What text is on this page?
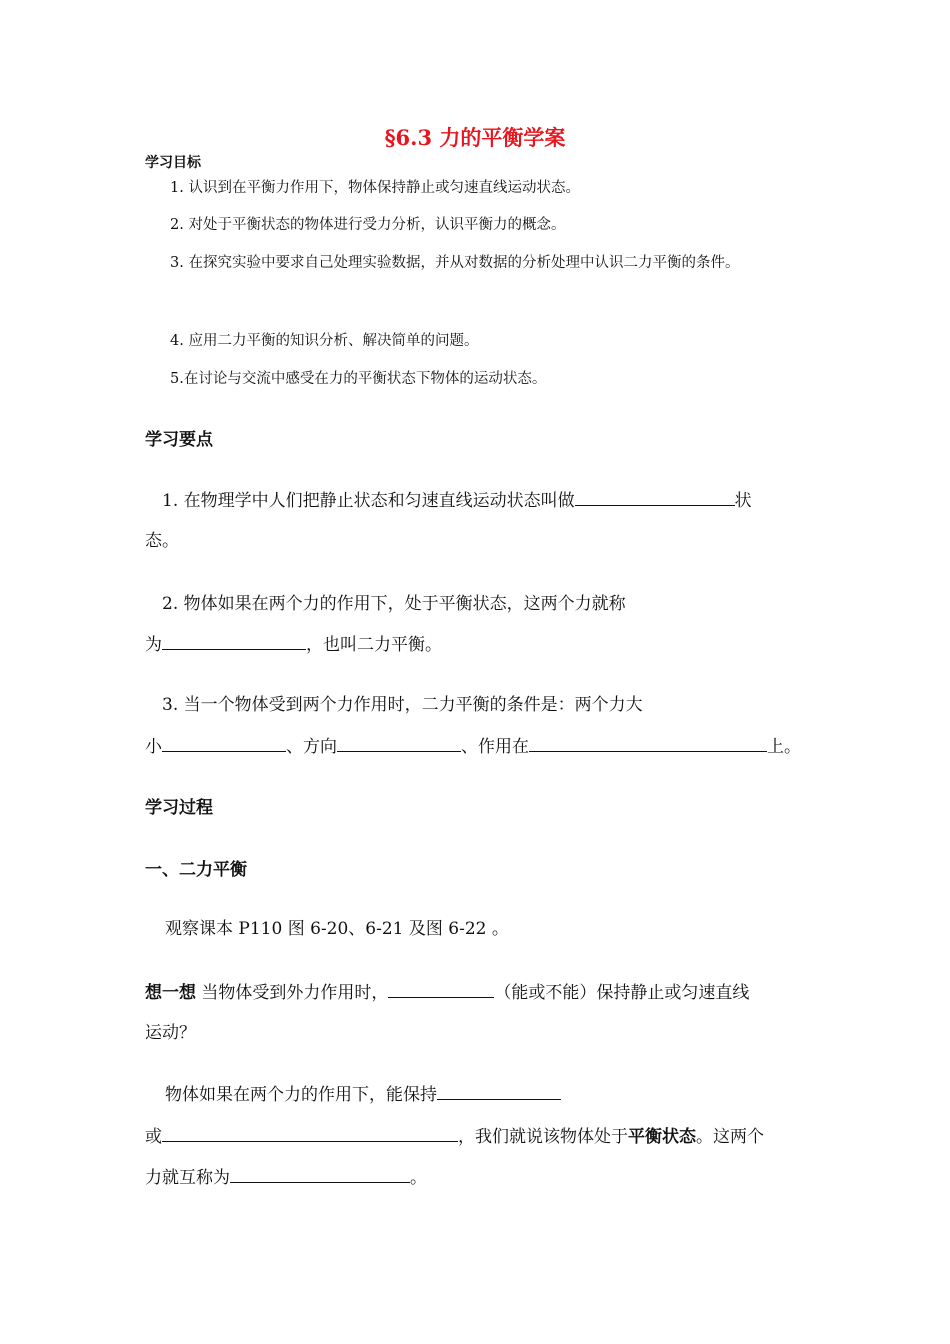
§6.3 力的平衡学案
学习目标
1. 认识到在平衡力作用下，物体保持静止或匀速直线运动状态。
2. 对处于平衡状态的物体进行受力分析，认识平衡力的概念。
3. 在探究实验中要求自己处理实验数据，并从对数据的分析处理中认识二力平衡的条件。
4. 应用二力平衡的知识分析、解决简单的问题。
5.在讨论与交流中感受在力的平衡状态下物体的运动状态。
学习要点
1. 在物理学中人们把静止状态和匀速直线运动状态叫做	状
态。
2. 物体如果在两个力的作用下，处于平衡状态，这两个力就称
为	，也叫二力平衡。
3. 当一个物体受到两个力作用时，二力平衡的条件是：两个力大
小	、方向	、作用在	上。
学习过程
一、二力平衡
观察课本 P110 图 6-20、6-21 及图 6-22 。
想一想 当物体受到外力作用时，	（能或不能）保持静止或匀速直线
运动？
物体如果在两个力的作用下，能保持
或	，我们就说该物体处于平衡状态。这两个
力就互称为	。
